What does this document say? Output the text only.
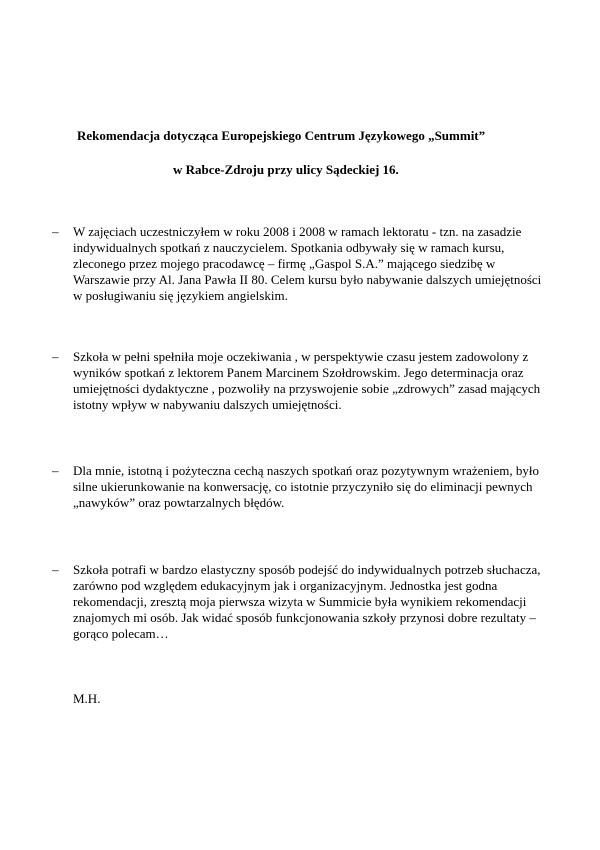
Rekomendacja dotycząca Europejskiego Centrum Językowego „Summit”
w Rabce-Zdroju przy ulicy Sądeckiej 16.
– W zajęciach uczestniczyłem w roku 2008 i 2008 w ramach lektoratu - tzn. na zasadzie indywidualnych spotkań z nauczycielem. Spotkania odbywały się w ramach kursu, zleconego przez mojego pracodawcę – firmę „Gaspol S.A.” mającego siedzibę w Warszawie przy Al. Jana Pawła II 80. Celem kursu było nabywanie dalszych umiejętności w posługiwaniu się językiem angielskim.
– Szkoła w pełni spełniła moje oczekiwania , w perspektywie czasu jestem zadowolony z wyników spotkań z lektorem Panem Marcinem Szołdrowskim. Jego determinacja oraz umiejętności dydaktyczne , pozwoliły na przyswojenie sobie „zdrowych” zasad mających istotny wpływ w nabywaniu dalszych umiejętności.
– Dla mnie, istotną i pożyteczna cechą naszych spotkań oraz pozytywnym wrażeniem, było silne ukierunkowanie na konwersację, co istotnie przyczyniło się do eliminacji pewnych „nawyków” oraz powtarzalnych błędów.
– Szkoła potrafi w bardzo elastyczny sposób podejść do indywidualnych potrzeb słuchacza, zarówno pod względem edukacyjnym jak i organizacyjnym. Jednostka jest godna rekomendacji, zresztą moja pierwsza wizyta w Summicie była wynikiem rekomendacji znajomych mi osób. Jak widać sposób funkcjonowania szkoły przynosi dobre rezultaty – gorąco polecam…
M.H.
